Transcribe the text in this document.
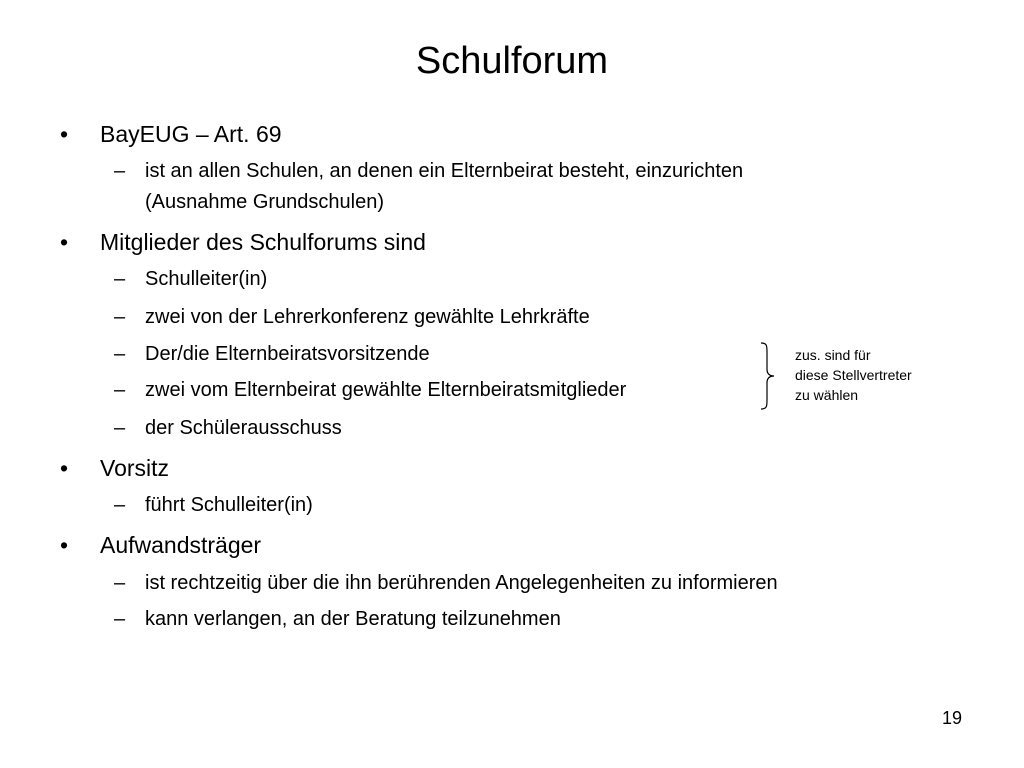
Schulforum
• BayEUG – Art. 69
– ist an allen Schulen, an denen ein Elternbeirat besteht, einzurichten
(Ausnahme Grundschulen)
• Mitglieder des Schulforums sind
– Schulleiter(in)
– zwei von der Lehrerkonferenz gewählte Lehrkräfte
– Der/die Elternbeiratsvorsitzende
– zwei vom Elternbeirat gewählte Elternbeiratsmitglieder
– der Schülerausschuss
• Vorsitz
– führt Schulleiter(in)
• Aufwandsträger
– ist rechtzeitig über die ihn berührenden Angelegenheiten zu informieren
– kann verlangen, an der Beratung teilzunehmen
zus. sind für
diese Stellvertreter
zu wählen
19
